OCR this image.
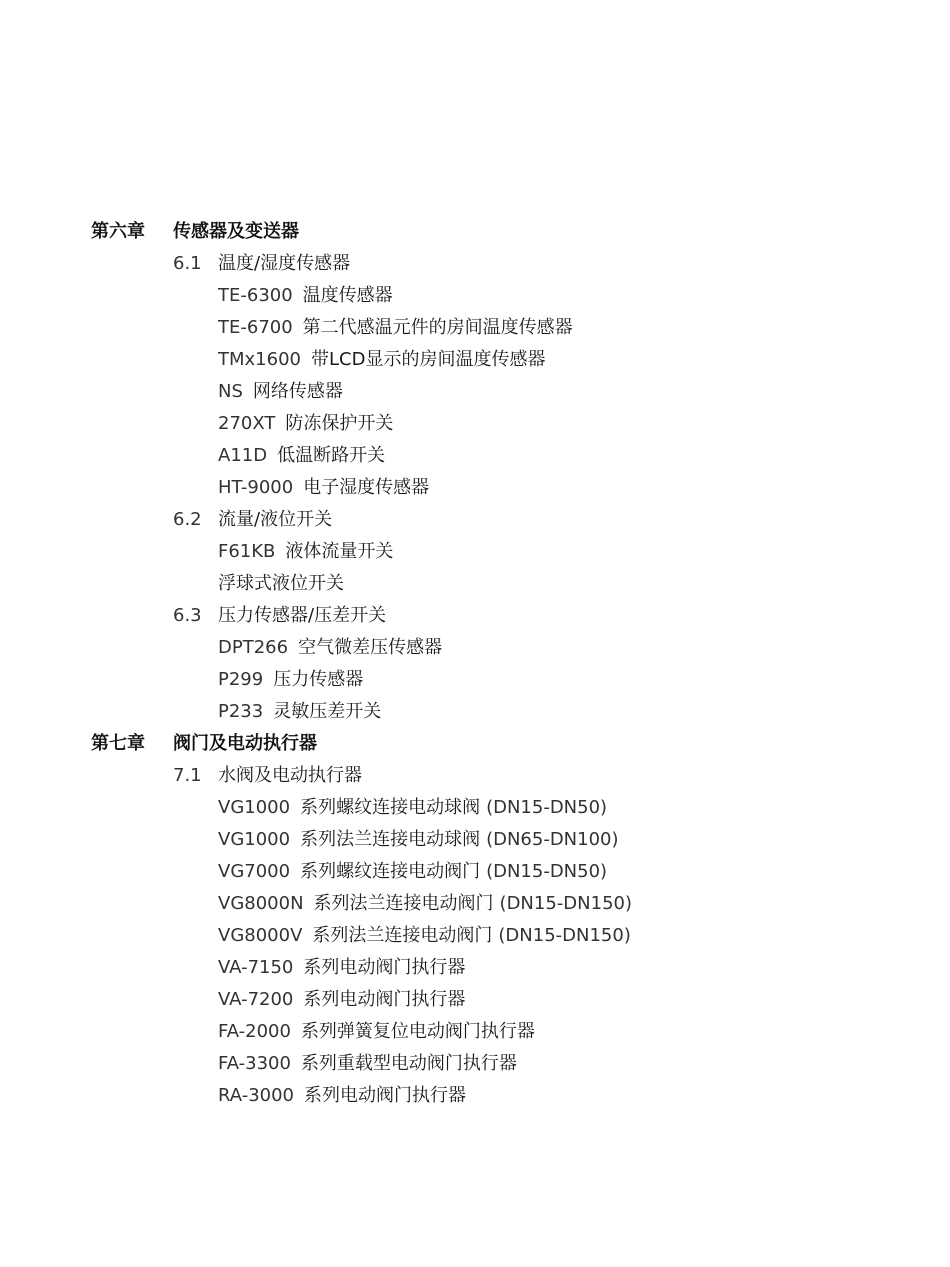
第六章 传感器及变送器
6.1 温度/湿度传感器
TE-6300 温度传感器
TE-6700 第二代感温元件的房间温度传感器
TMx1600 带LCD显示的房间温度传感器
NS 网络传感器
270XT 防冻保护开关
A11D 低温断路开关
HT-9000 电子湿度传感器
6.2 流量/液位开关
F61KB 液体流量开关
浮球式液位开关
6.3 压力传感器/压差开关
DPT266 空气微差压传感器
P299 压力传感器
P233 灵敏压差开关
第七章 阀门及电动执行器
7.1 水阀及电动执行器
VG1000 系列螺纹连接电动球阀 (DN15-DN50)
VG1000 系列法兰连接电动球阀 (DN65-DN100)
VG7000 系列螺纹连接电动阀门 (DN15-DN50)
VG8000N 系列法兰连接电动阀门 (DN15-DN150)
VG8000V 系列法兰连接电动阀门 (DN15-DN150)
VA-7150 系列电动阀门执行器
VA-7200 系列电动阀门执行器
FA-2000 系列弹簧复位电动阀门执行器
FA-3300 系列重载型电动阀门执行器
RA-3000 系列电动阀门执行器
